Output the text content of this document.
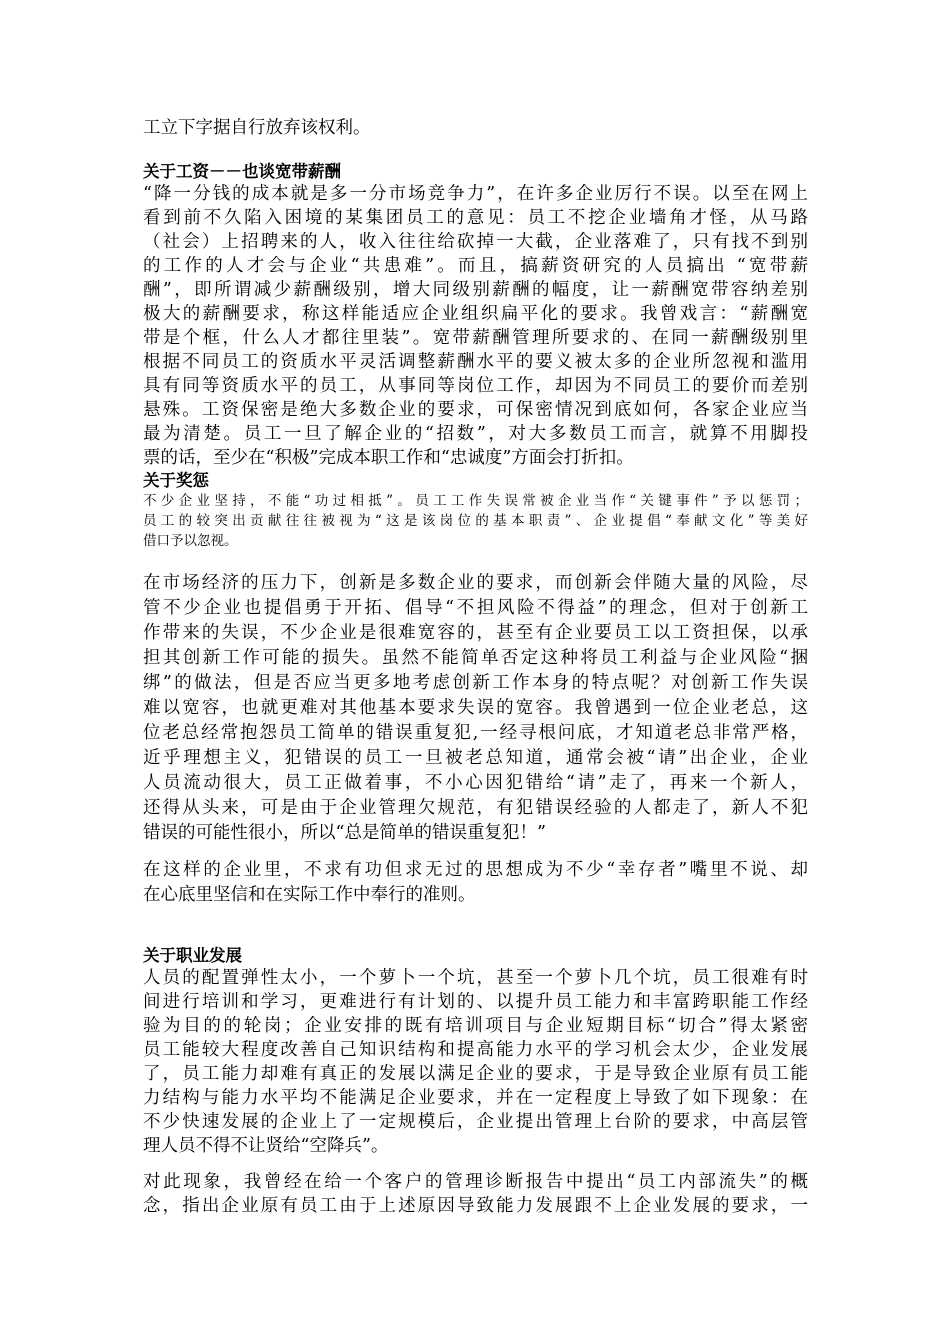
工立下字据自行放弃该权利。
关于工资－－也谈宽带薪酬
“降一分钱的成本就是多一分市场竞争力”，在许多企业厉行不误。以至在网上
看到前不久陷入困境的某集团员工的意见：员工不挖企业墙角才怪，从马路
（社会）上招聘来的人，收入往往给砍掉一大截，企业落难了，只有找不到别
的工作的人才会与企业“共患难”。而且，搞薪资研究的人员搞出 “宽带薪
酬”，即所谓减少薪酬级别，增大同级别薪酬的幅度，让一薪酬宽带容纳差别
极大的薪酬要求，称这样能适应企业组织扁平化的要求。我曾戏言：“薪酬宽
带是个框，什么人才都往里装”。宽带薪酬管理所要求的、在同一薪酬级别里
根据不同员工的资质水平灵活调整薪酬水平的要义被太多的企业所忽视和滥用
具有同等资质水平的员工，从事同等岗位工作，却因为不同员工的要价而差别
悬殊。工资保密是绝大多数企业的要求，可保密情况到底如何，各家企业应当
最为清楚。员工一旦了解企业的“招数”，对大多数员工而言，就算不用脚投
票的话，至少在“积极”完成本职工作和“忠诚度”方面会打折扣。
关于奖惩
不少企业坚持，不能“功过相抵”。员工工作失误常被企业当作“关键事件”予以惩罚；
员工的较突出贡献往往被视为“这是该岗位的基本职责”、企业提倡“奉献文化”等美好
借口予以忽视。
在市场经济的压力下，创新是多数企业的要求，而创新会伴随大量的风险，尽
管不少企业也提倡勇于开拓、倡导“不担风险不得益”的理念，但对于创新工
作带来的失误，不少企业是很难宽容的，甚至有企业要员工以工资担保，以承
担其创新工作可能的损失。虽然不能简单否定这种将员工利益与企业风险“捆
绑”的做法，但是否应当更多地考虑创新工作本身的特点呢？对创新工作失误
难以宽容，也就更难对其他基本要求失误的宽容。我曾遇到一位企业老总，这
位老总经常抱怨员工简单的错误重复犯,一经寻根问底，才知道老总非常严格，
近乎理想主义，犯错误的员工一旦被老总知道，通常会被“请”出企业，企业
人员流动很大，员工正做着事，不小心因犯错给“请”走了，再来一个新人，
还得从头来，可是由于企业管理欠规范，有犯错误经验的人都走了，新人不犯
错误的可能性很小，所以“总是简单的错误重复犯！”
在这样的企业里，不求有功但求无过的思想成为不少“幸存者”嘴里不说、却
在心底里坚信和在实际工作中奉行的准则。
关于职业发展
人员的配置弹性太小，一个萝卜一个坑，甚至一个萝卜几个坑，员工很难有时
间进行培训和学习，更难进行有计划的、以提升员工能力和丰富跨职能工作经
验为目的的轮岗；企业安排的既有培训项目与企业短期目标“切合”得太紧密
员工能较大程度改善自己知识结构和提高能力水平的学习机会太少，企业发展
了，员工能力却难有真正的发展以满足企业的要求，于是导致企业原有员工能
力结构与能力水平均不能满足企业要求，并在一定程度上导致了如下现象：在
不少快速发展的企业上了一定规模后，企业提出管理上台阶的要求，中高层管
理人员不得不让贤给“空降兵”。
对此现象，我曾经在给一个客户的管理诊断报告中提出“员工内部流失”的概
念，指出企业原有员工由于上述原因导致能力发展跟不上企业发展的要求，一
